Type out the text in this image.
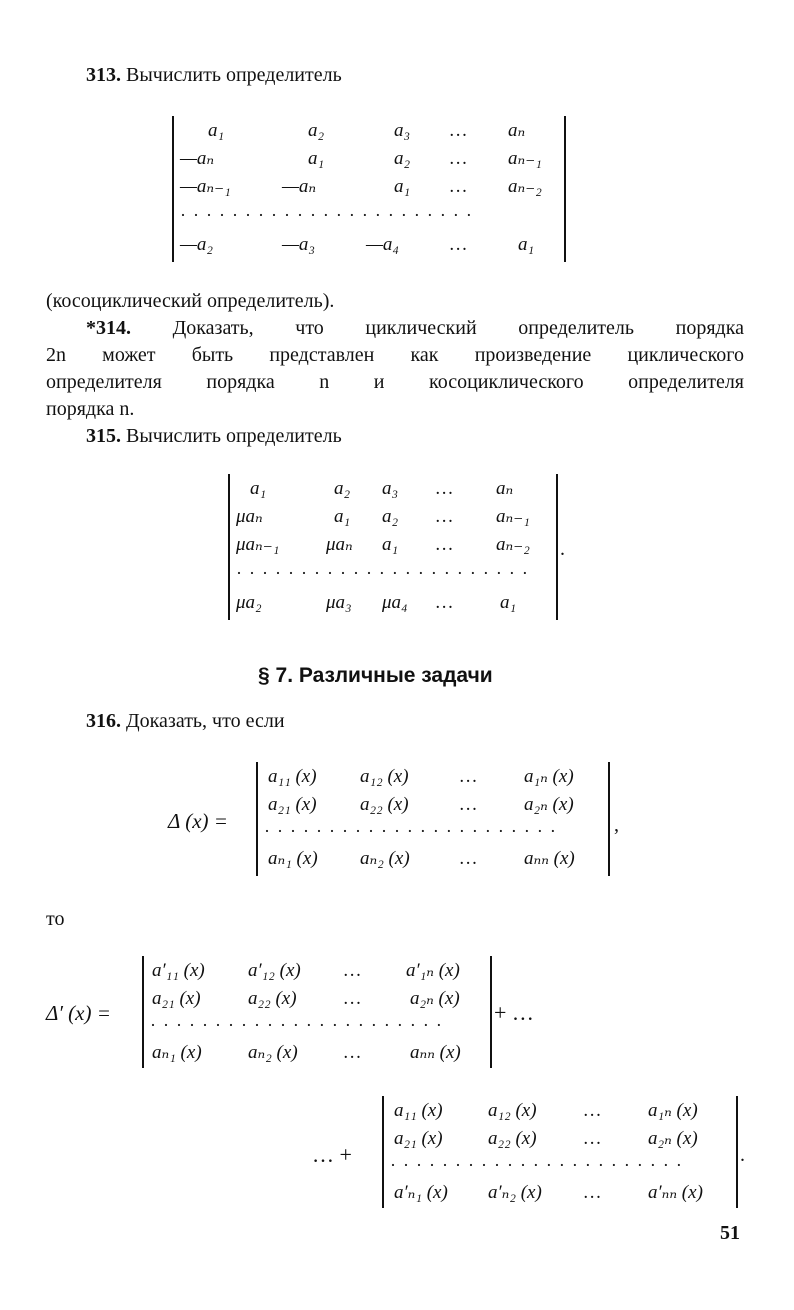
313. Вычислить определитель
a₁	a₂	a₃ … aₙ
—aₙ	a₁	a₂ … aₙ₋₁
—aₙ₋₁	—aₙ	a₁ … aₙ₋₂
·······················
—a₂	—a₃	—a₄	…	a₁
(косоциклический определитель).
*314. Доказать, что циклический определитель порядка
2n может быть представлен как произведение циклического
определителя порядка n и косоциклического определителя
порядка n.
315. Вычислить определитель
a₁	a₂ a₃ … aₙ
μaₙ	a₁ a₂ … aₙ₋₁
μaₙ₋₁ μaₙ a₁ … aₙ₋₂
·······················
μa₂	μa₃ μa₄ … a₁
.
§ 7. Различные задачи
316. Доказать, что если
Δ (x) =
a₁₁ (x) a₁₂ (x)	… a₁ₙ (x)
a₂₁ (x) a₂₂ (x)	… a₂ₙ (x)
·······················
aₙ₁ (x) aₙ₂ (x)	… aₙₙ (x)
,
то
Δ′ (x) =
a′₁₁ (x) a′₁₂ (x) … a′₁ₙ (x)
a₂₁ (x) a₂₂ (x) …	a₂ₙ (x)
·······················
aₙ₁ (x) aₙ₂ (x) …	aₙₙ (x)
+ …
… +
a₁₁ (x) a₁₂ (x) … a₁ₙ (x)
a₂₁ (x) a₂₂ (x) … a₂ₙ (x)
·······················
a′ₙ₁ (x) a′ₙ₂ (x) … a′ₙₙ (x)
.
51
